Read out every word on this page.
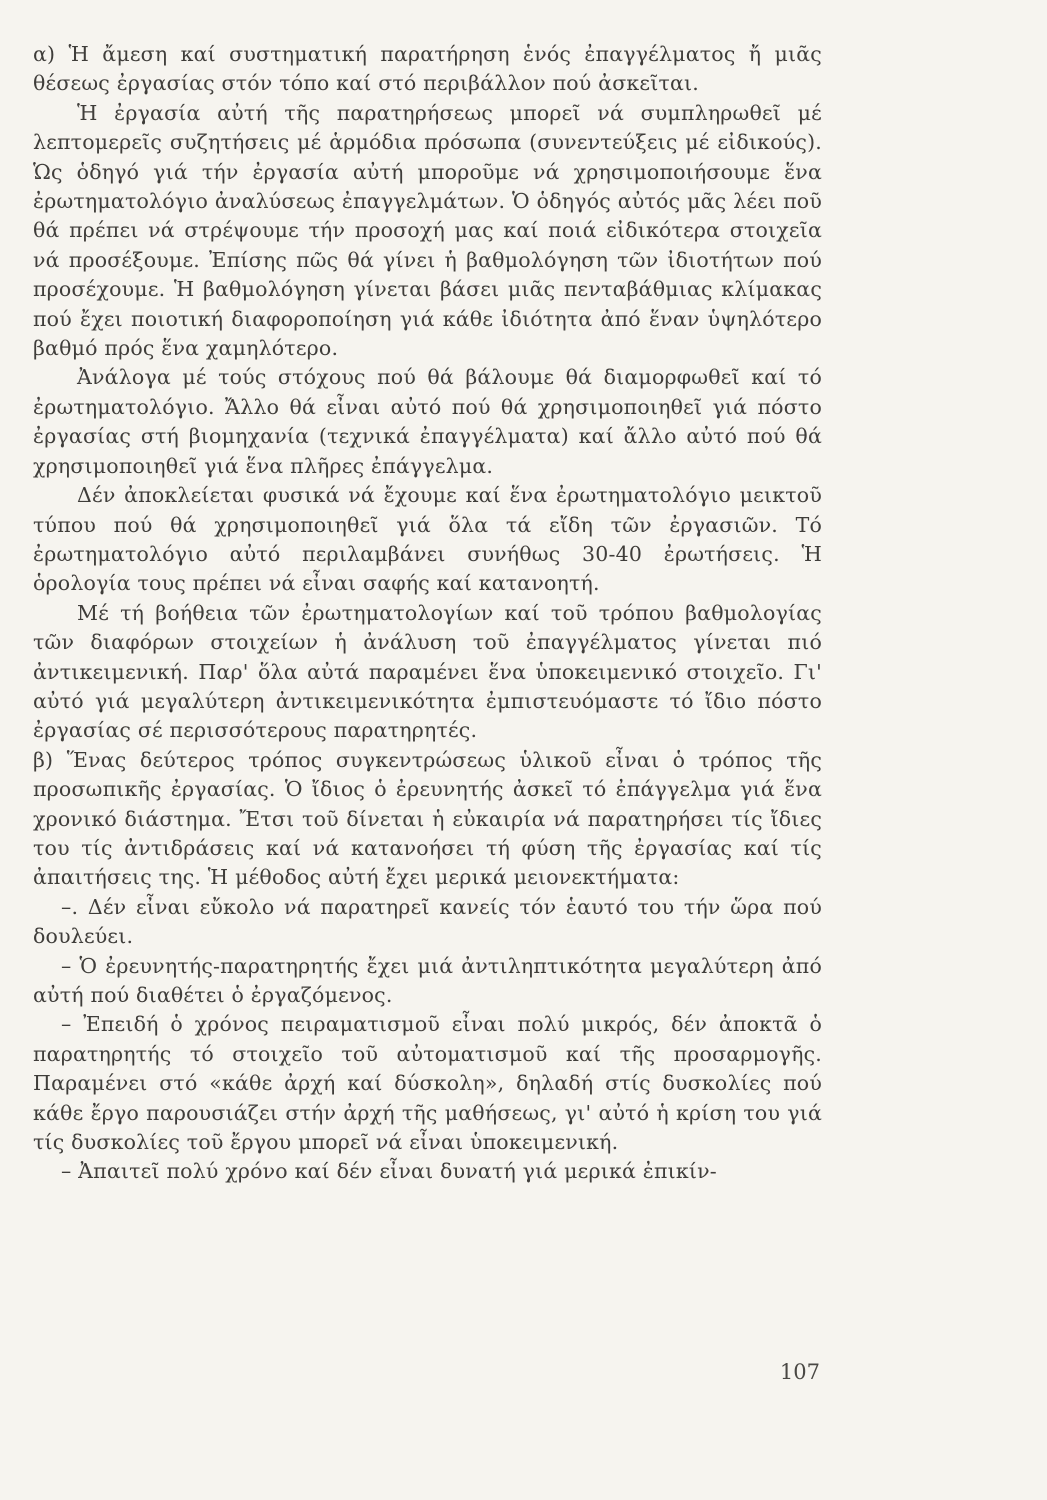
α) Ἡ ἄμεση καί συστηματική παρατήρηση ἑνός ἐπαγγέλματος ἤ μιᾶς θέσεως ἐργασίας στόν τόπο καί στό περιβάλλον πού ἀσκεῖται.

Ἡ ἐργασία αὐτή τῆς παρατηρήσεως μπορεῖ νά συμπληρωθεῖ μέ λεπτομερεῖς συζητήσεις μέ ἁρμόδια πρόσωπα (συνεντεύξεις μέ εἰδικούς). Ὡς ὁδηγό γιά τήν ἐργασία αὐτή μποροῦμε νά χρησιμοποιήσουμε ἕνα ἐρωτηματολόγιο ἀναλύσεως ἐπαγγελμάτων. Ὁ ὁδηγός αὐτός μᾶς λέει ποῦ θά πρέπει νά στρέψουμε τήν προσοχή μας καί ποιά εἰδικότερα στοιχεῖα νά προσέξουμε. Ἐπίσης πῶς θά γίνει ἡ βαθμολόγηση τῶν ἰδιοτήτων πού προσέχουμε. Ἡ βαθμολόγηση γίνεται βάσει μιᾶς πενταβάθμιας κλίμακας πού ἔχει ποιοτική διαφοροποίηση γιά κάθε ἰδιότητα ἀπό ἕναν ὑψηλότερο βαθμό πρός ἕνα χαμηλότερο.

Ἀνάλογα μέ τούς στόχους πού θά βάλουμε θά διαμορφωθεῖ καί τό ἐρωτηματολόγιο. Ἄλλο θά εἶναι αὐτό πού θά χρησιμοποιηθεῖ γιά πόστο ἐργασίας στή βιομηχανία (τεχνικά ἐπαγγέλματα) καί ἄλλο αὐτό πού θά χρησιμοποιηθεῖ γιά ἕνα πλῆρες ἐπάγγελμα.

Δέν ἀποκλείεται φυσικά νά ἔχουμε καί ἕνα ἐρωτηματολόγιο μεικτοῦ τύπου πού θά χρησιμοποιηθεῖ γιά ὅλα τά εἴδη τῶν ἐργασιῶν. Τό ἐρωτηματολόγιο αὐτό περιλαμβάνει συνήθως 30-40 ἐρωτήσεις. Ἡ ὁρολογία τους πρέπει νά εἶναι σαφής καί κατανοητή.

Μέ τή βοήθεια τῶν ἐρωτηματολογίων καί τοῦ τρόπου βαθμολογίας τῶν διαφόρων στοιχείων ἡ ἀνάλυση τοῦ ἐπαγγέλματος γίνεται πιό ἀντικειμενική. Παρ' ὅλα αὐτά παραμένει ἕνα ὑποκειμενικό στοιχεῖο. Γι' αὐτό γιά μεγαλύτερη ἀντικειμενικότητα ἐμπιστευόμαστε τό ἴδιο πόστο ἐργασίας σέ περισσότερους παρατηρητές.

β) Ἕνας δεύτερος τρόπος συγκεντρώσεως ὑλικοῦ εἶναι ὁ τρόπος τῆς προσωπικῆς ἐργασίας. Ὁ ἴδιος ὁ ἐρευνητής ἀσκεῖ τό ἐπάγγελμα γιά ἕνα χρονικό διάστημα. Ἔτσι τοῦ δίνεται ἡ εὐκαιρία νά παρατηρήσει τίς ἴδιες του τίς ἀντιδράσεις καί νά κατανοήσει τή φύση τῆς ἐργασίας καί τίς ἀπαιτήσεις της. Ἡ μέθοδος αὐτή ἔχει μερικά μειονεκτήματα:

–. Δέν εἶναι εὔκολο νά παρατηρεῖ κανείς τόν ἑαυτό του τήν ὥρα πού δουλεύει.

– Ὁ ἐρευνητής-παρατηρητής ἔχει μιά ἀντιληπτικότητα μεγαλύτερη ἀπό αὐτή πού διαθέτει ὁ ἐργαζόμενος.

– Ἐπειδή ὁ χρόνος πειραματισμοῦ εἶναι πολύ μικρός, δέν ἀποκτᾶ ὁ παρατηρητής τό στοιχεῖο τοῦ αὐτοματισμοῦ καί τῆς προσαρμογῆς. Παραμένει στό «κάθε ἀρχή καί δύσκολη», δηλαδή στίς δυσκολίες πού κάθε ἔργο παρουσιάζει στήν ἀρχή τῆς μαθήσεως, γι' αὐτό ἡ κρίση του γιά τίς δυσκολίες τοῦ ἔργου μπορεῖ νά εἶναι ὑποκειμενική.

– Ἀπαιτεῖ πολύ χρόνο καί δέν εἶναι δυνατή γιά μερικά ἐπικίν-

107
